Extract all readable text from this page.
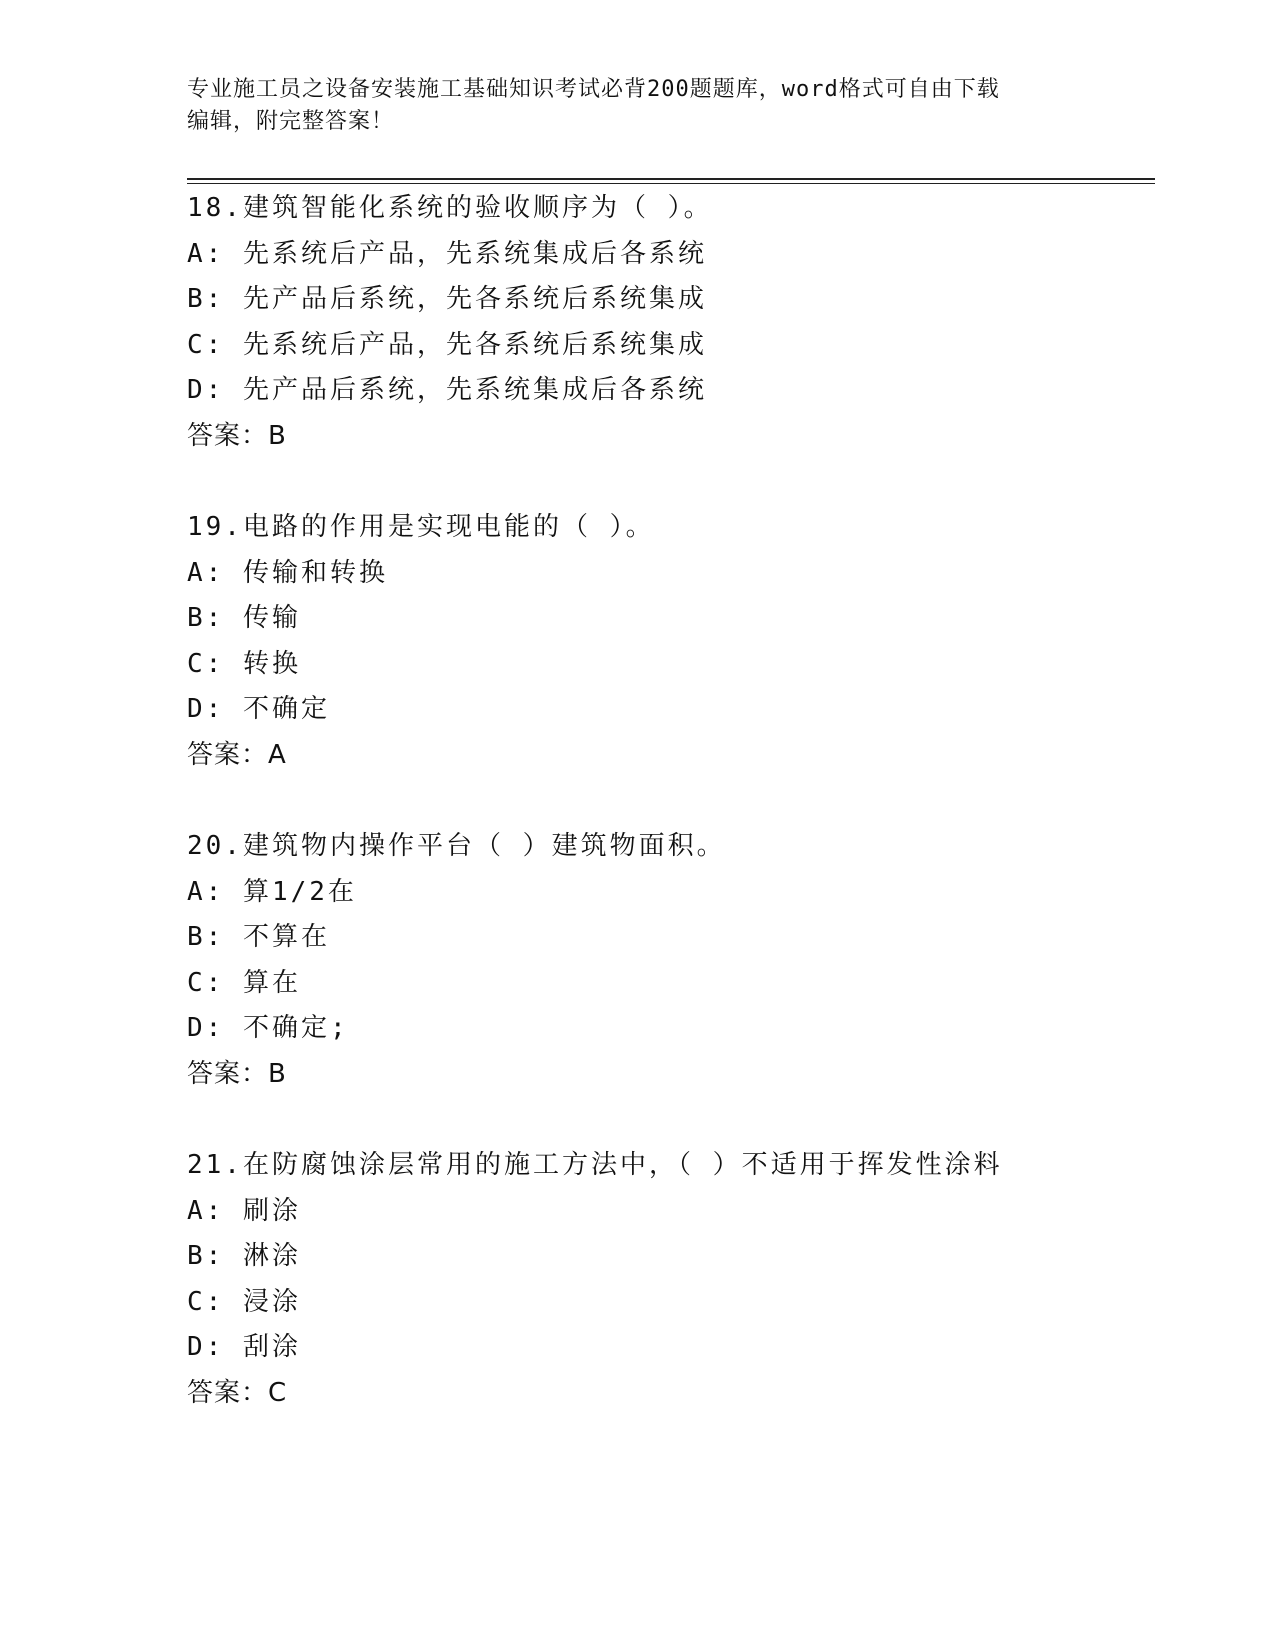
专业施工员之设备安装施工基础知识考试必背200题题库，word格式可自由下载
编辑，附完整答案！
18.建筑智能化系统的验收顺序为（ ）。
A: 先系统后产品，先系统集成后各系统
B: 先产品后系统，先各系统后系统集成
C: 先系统后产品，先各系统后系统集成
D: 先产品后系统，先系统集成后各系统
答案：B
19.电路的作用是实现电能的（ ）。
A: 传输和转换
B: 传输
C: 转换
D: 不确定
答案：A
20.建筑物内操作平台（ ）建筑物面积。
A: 算1/2在
B: 不算在
C: 算在
D: 不确定;
答案：B
21.在防腐蚀涂层常用的施工方法中，（ ）不适用于挥发性涂料
A: 刷涂
B: 淋涂
C: 浸涂
D: 刮涂
答案：C
